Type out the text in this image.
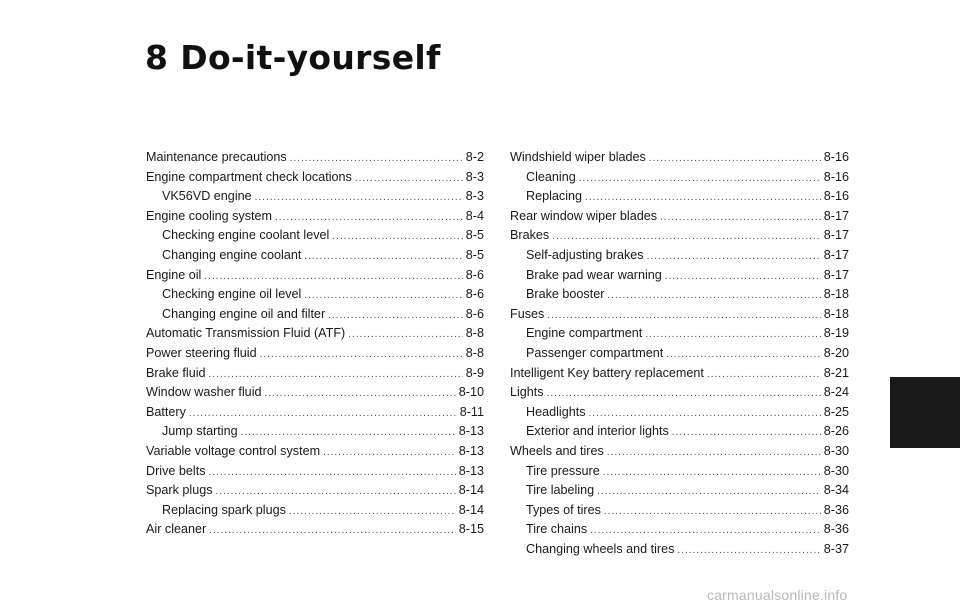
8 Do-it-yourself
Maintenance precautions .....	8-2
Engine compartment check locations .....	8-3
VK56VD engine .....	8-3
Engine cooling system .....	8-4
Checking engine coolant level .....	8-5
Changing engine coolant .....	8-5
Engine oil .....	8-6
Checking engine oil level .....	8-6
Changing engine oil and filter .....	8-6
Automatic Transmission Fluid (ATF) .....	8-8
Power steering fluid .....	8-8
Brake fluid .....	8-9
Window washer fluid .....	8-10
Battery .....	8-11
Jump starting .....	8-13
Variable voltage control system .....	8-13
Drive belts .....	8-13
Spark plugs .....	8-14
Replacing spark plugs .....	8-14
Air cleaner .....	8-15
Windshield wiper blades .....	8-16
Cleaning .....	8-16
Replacing .....	8-16
Rear window wiper blades .....	8-17
Brakes .....	8-17
Self-adjusting brakes .....	8-17
Brake pad wear warning .....	8-17
Brake booster .....	8-18
Fuses .....	8-18
Engine compartment .....	8-19
Passenger compartment .....	8-20
Intelligent Key battery replacement .....	8-21
Lights .....	8-24
Headlights .....	8-25
Exterior and interior lights .....	8-26
Wheels and tires .....	8-30
Tire pressure .....	8-30
Tire labeling .....	8-34
Types of tires .....	8-36
Tire chains .....	8-36
Changing wheels and tires .....	8-37
carmanualsonline.info
